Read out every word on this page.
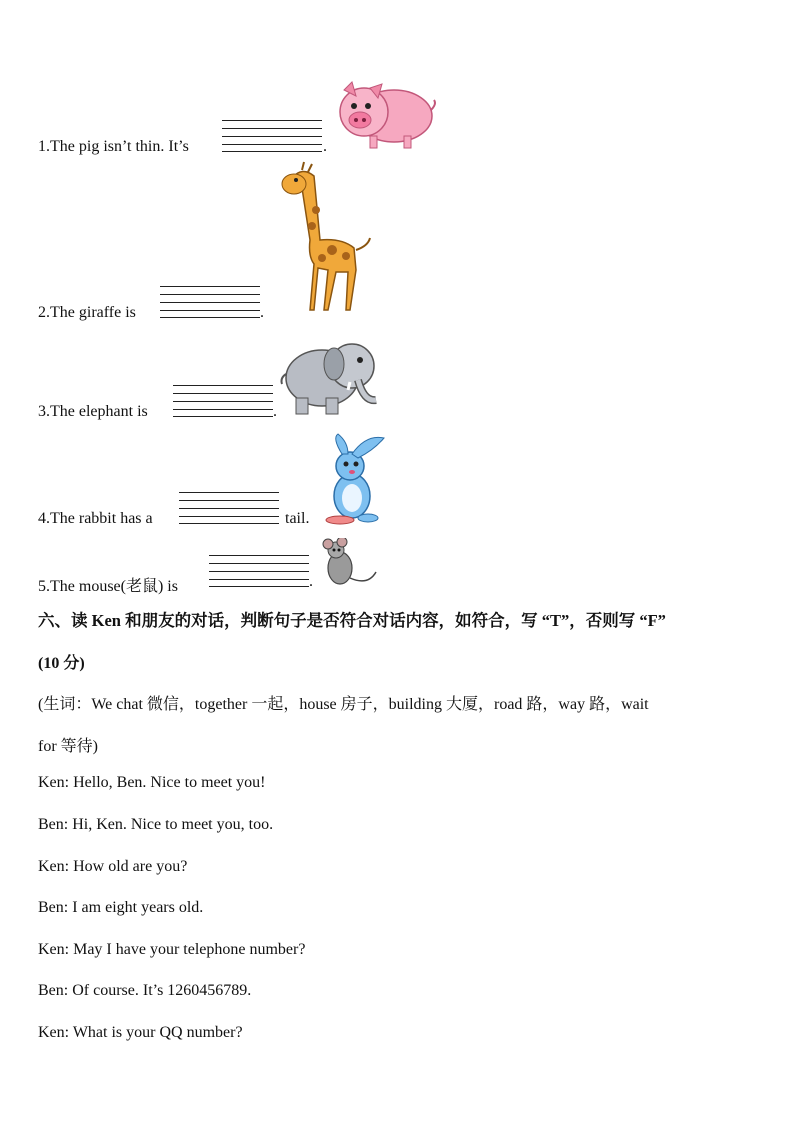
1.The pig isn’t thin. It’s	.
2.The giraffe is	.
3.The elephant is	.
4.The rabbit has a	tail.
5.The mouse(老鼠) is	.
六、读 Ken 和朋友的对话，判断句子是否符合对话内容，如符合，写 “T”，否则写 “F”
(10 分)
(生词：We chat 微信，together 一起，house 房子，building 大厦，road 路，way 路，wait
for 等待)
Ken: Hello, Ben. Nice to meet you!
Ben: Hi, Ken. Nice to meet you, too.
Ken: How old are you?
Ben: I am eight years old.
Ken: May I have your telephone number?
Ben: Of course. It’s 1260456789.
Ken: What is your QQ number?
